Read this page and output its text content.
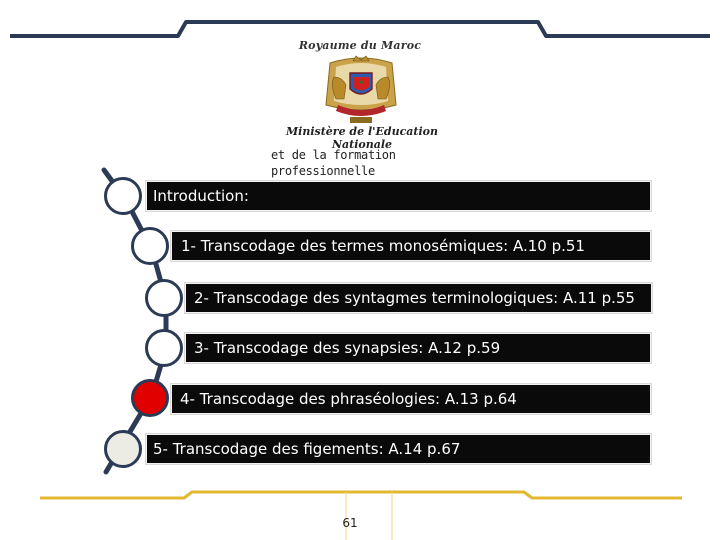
Royaume du Maroc
Ministère de l'Education Nationale
et de la formation professionnelle
Introduction:
1- Transcodage des termes monosémiques: A.10 p.51
2- Transcodage des syntagmes terminologiques: A.11 p.55
3- Transcodage des synapsies: A.12 p.59
4- Transcodage des phraséologies: A.13 p.64
5- Transcodage des figements: A.14 p.67
61
